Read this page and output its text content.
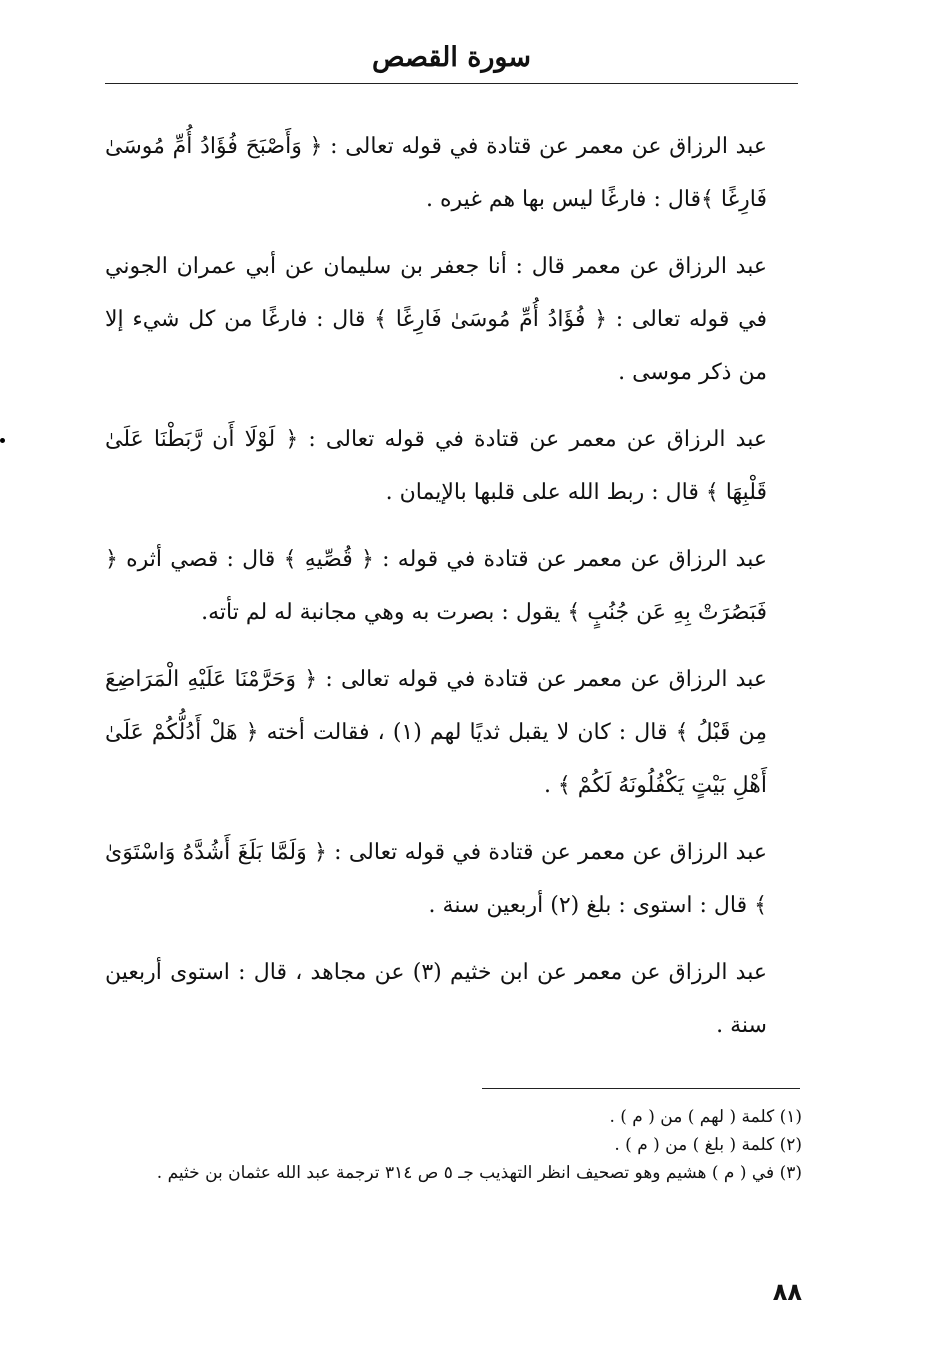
سورة القصص

عبد الرزاق عن معمر عن قتادة في قوله تعالى : ﴿ وَأَصْبَحَ فُؤَادُ أُمِّ مُوسَىٰ فَارِغًا ﴾قال : فارغًا ليس بها هم غيره .

عبد الرزاق عن معمر قال : أنا جعفر بن سليمان عن أبي عمران الجوني في قوله تعالى : ﴿ فُؤَادُ أُمِّ مُوسَىٰ فَارِغًا ﴾ قال : فارغًا من كل شيء إلا من ذكر موسى .

عبد الرزاق عن معمر عن قتادة في قوله تعالى : ﴿ لَوْلَا أَن رَّبَطْنَا عَلَىٰ قَلْبِهَا ﴾ قال : ربط الله على قلبها بالإيمان .

عبد الرزاق عن معمر عن قتادة في قوله : ﴿ قُصِّيهِ ﴾ قال : قصي أثره ﴿ فَبَصُرَتْ بِهِ عَن جُنُبٍ ﴾ يقول : بصرت به وهي مجانبة له لم تأته.

عبد الرزاق عن معمر عن قتادة في قوله تعالى : ﴿ وَحَرَّمْنَا عَلَيْهِ الْمَرَاضِعَ مِن قَبْلُ ﴾ قال : كان لا يقبل ثديًا لهم (١) ، فقالت أخته ﴿ هَلْ أَدُلُّكُمْ عَلَىٰ أَهْلِ بَيْتٍ يَكْفُلُونَهُ لَكُمْ ﴾ .

عبد الرزاق عن معمر عن قتادة في قوله تعالى : ﴿ وَلَمَّا بَلَغَ أَشُدَّهُ وَاسْتَوَىٰ ﴾ قال : استوى : بلغ (٢) أربعين سنة .

عبد الرزاق عن معمر عن ابن خثيم (٣) عن مجاهد ، قال : استوى أربعين سنة .

(١) كلمة ( لهم ) من ( م ) .

(٢) كلمة ( بلغ ) من ( م ) .

(٣) في ( م ) هشيم وهو تصحيف انظر التهذيب جـ ٥ ص ٣١٤ ترجمة عبد الله عثمان بن خثيم .

٨٨
